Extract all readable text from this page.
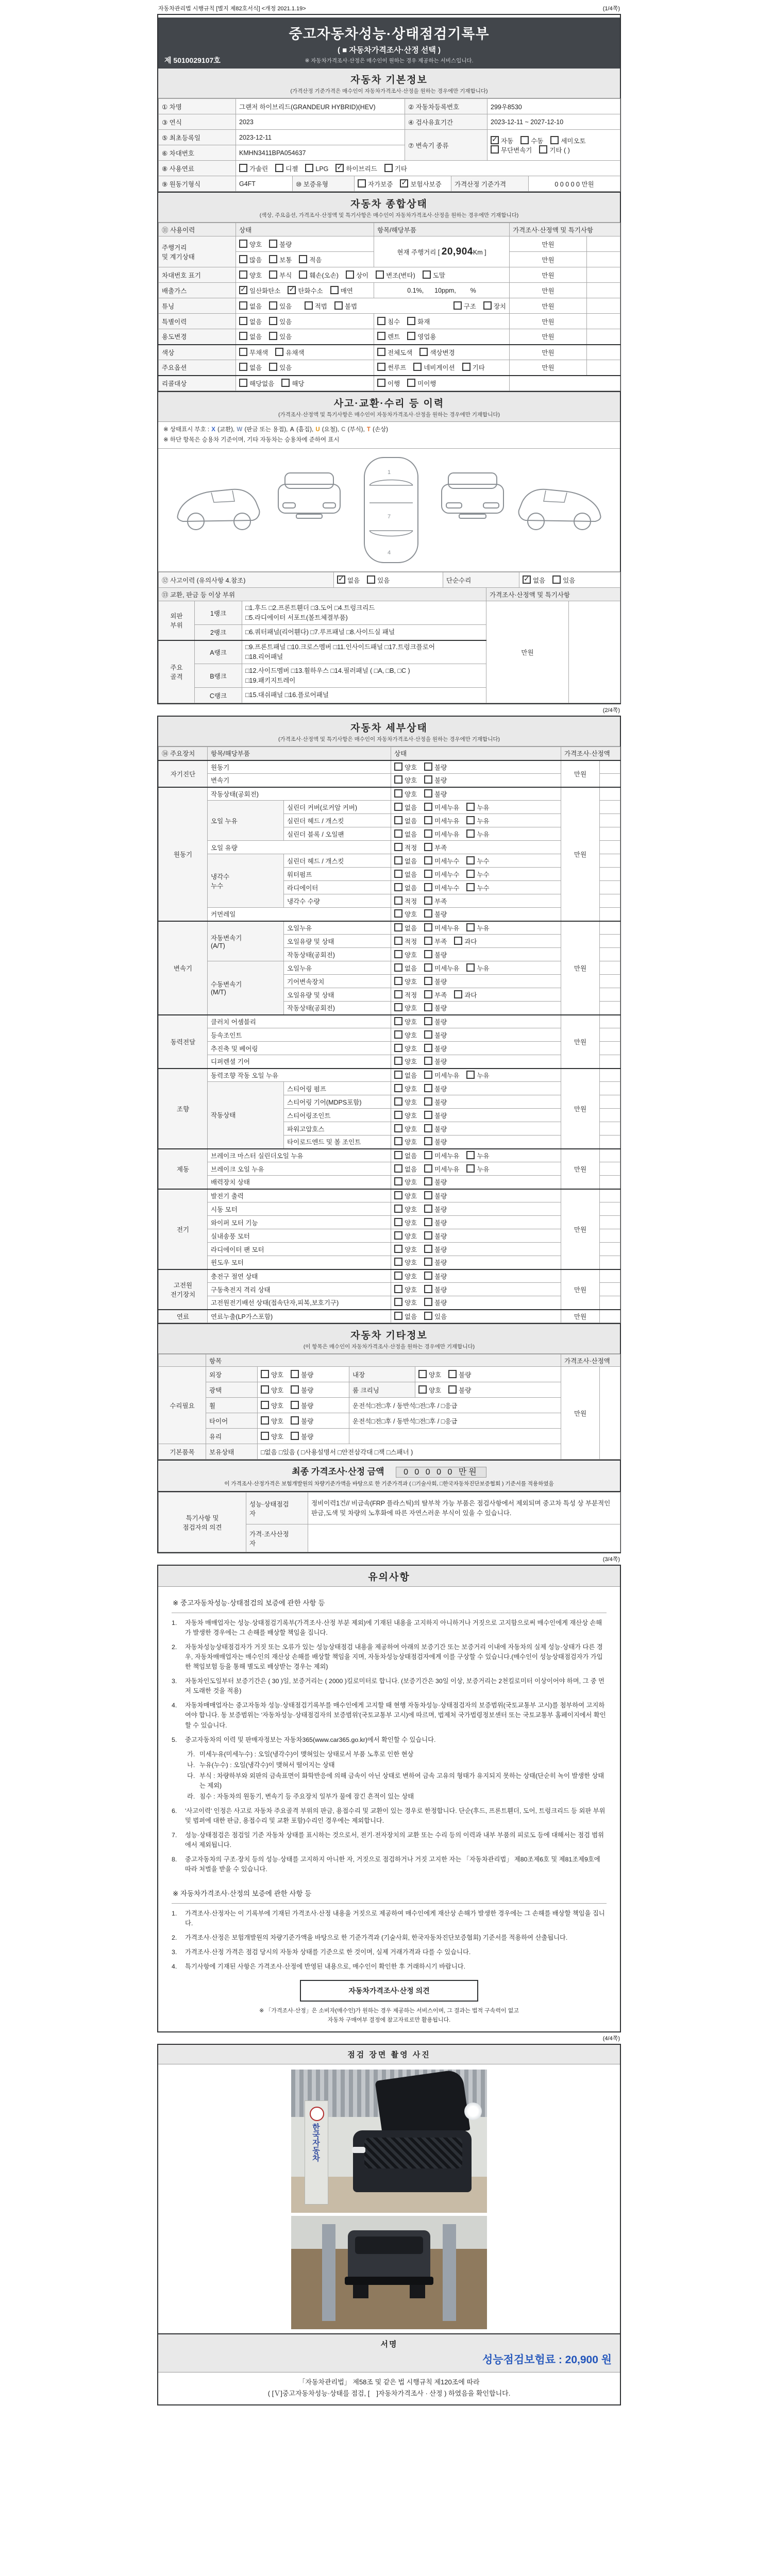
자동차관리법 시행규칙 [별지 제82호서식] <개정 2021.1.19>	(1/4쪽)
중고자동차성능·상태점검기록부
( ■ 자동차가격조사·산정 선택 )
※ 자동차가격조사·산정은 매수인이 원하는 경우 제공하는 서비스입니다.
제 5010029107호
자동차 기본정보
(가격산정 기준가격은 매수인이 자동차가격조사·산정을 원하는 경우에만 기재합니다)
① 차명	그랜저 하이브리드(GRANDEUR HYBRID)(HEV)	② 자동차등록번호	299우8530
③ 연식	2023	④ 검사유효기간	2023-12-11 ~ 2027-12-10
⑤ 최초등록일	2023-12-11	⑦ 변속기 종류	✓자동 수동 세미오토
무단변속기 기타 ( )
⑥ 차대번호	KMHN3411BPA054637		
⑧ 사용연료	가솔린 디젤 LPG ✓ 하이브리드 기타
⑨ 원동기형식	G4FT	⑩ 보증유형	자가보증 ✓	보험사보증	가격산정 기준가격	0 0 0 0 0 만원
자동차 종합상태
(색상, 주요옵션, 가격조사·산정액 및 특기사항은 매수인이 자동차가격조사·산정을 원하는 경우에만 기재합니다)
⑪ 사용이력	상태	항목/해당부품	가격조사·산정액 및 특기사항	
주행거리
및 계기상태	양호 불량	현재 주행거리 [ 20,904Km ]	만원	
	많음 보통 적음		만원	
차대번호 표기	양호 부식 훼손(오손) 상이 변조(변타) 도말		만원	
배출가스	✓일산화탄소 ✓ 탄화수소 매연	0.1%,      10ppm,        %	만원	
튜닝	없음 있음 적법 불법 구조 장치		만원	
특별이력	없음 있음	침수 화재	만원	
용도변경	없음 있음	렌트 영업용	만원	
색상	무채색 유채색	전체도색 색상변경	만원	
주요옵션	없음 있음	썬루프 네비게이션 기타	만원	
리콜대상	해당없음 해당	이행 미이행		
사고·교환·수리 등 이력
(가격조사·산정액 및 특기사항은 매수인이 자동차가격조사·산정을 원하는 경우에만 기재합니다)
※ 상태표시 부호 : X (교환), W (판금 또는 용접), A (흠집), U (요철), C (부식), T (손상)
※ 하단 항목은 승용차 기준이며, 기타 자동차는 승용차에 준하여 표시
1
7
4
⑫ 사고이력 (유의사항 4.참조)	✓없음	있음	단순수리	✓없음	있음
⑬ 교환, 판금 등 이상 부위			가격조사·산정액 및 특기사항	
외판
부위	1랭크	□1.후드 □2.프론트휀더 □3.도어 □4.트렁크리드
□5.라디에이터 서포트(볼트체결부품)	만원	
	2랭크	□6.쿼터패널(리어휀다) □7.루프패널 □8.사이드실 패널		
주요
골격	A랭크	□9.프론트패널 □10.크로스멤버 □11.인사이드패널 □17.트렁크플로어
□18.리어패널		
	B랭크	□12.사이드멤버 □13.휠하우스 □14.필러패널 ( □A, □B, □C )
□19.패키지트레이		
	C랭크	□15.대쉬패널 □16.플로어패널		
(2/4쪽)
자동차 세부상태
(가격조사·산정액 및 특기사항은 매수인이 자동차가격조사·산정을 원하는 경우에만 기재합니다)
⑭ 주요장치	항목/해당부품		상태	가격조사·산정액	
자기진단	원동기		양호 불량	만원	
	변속기		양호 불량		
원동기	작동상태(공회전)		양호 불량	만원	
	오일 누유	실린더 커버(로커암 커버)	없음 미세누유 누유		
		실린더 헤드 / 개스킷	없음 미세누유 누유		
		실린더 블록 / 오일팬	없음 미세누유 누유		
	오일 유량		적정 부족		
	냉각수
누수	실린더 헤드 / 개스킷	없음 미세누수 누수		
		워터펌프	없음 미세누수 누수		
		라디에이터	없음 미세누수 누수		
		냉각수 수량	적정 부족		
	커먼레일		양호 불량		
변속기	자동변속기
(A/T)	오일누유	없음 미세누유 누유	만원	
		오일유량 및 상태	적정 부족 과다		
		작동상태(공회전)	양호 불량		
	수동변속기
(M/T)	오일누유	없음 미세누유 누유		
		기어변속장치	양호 불량		
		오일유량 및 상태	적정 부족 과다		
		작동상태(공회전)	양호 불량		
동력전달	클러치 어셈블리		양호 불량	만원	
	등속조인트		양호 불량		
	추진축 및 베어링		양호 불량		
	디퍼렌셜 기어		양호 불량		
조향	동력조향 작동 오일 누유		없음 미세누유 누유	만원	
	작동상태	스티어링 펌프	양호 불량		
		스티어링 기어(MDPS포함)	양호 불량		
		스티어링조인트	양호 불량		
		파워고압호스	양호 불량		
		타이로드엔드 및 볼 조인트	양호 불량		
제동	브레이크 마스터 실린더오일 누유		없음 미세누유 누유	만원	
	브레이크 오일 누유		없음 미세누유 누유		
	배력장치 상태		양호 불량		
전기	발전기 출력		양호 불량	만원	
	시동 모터		양호 불량		
	와이퍼 모터 기능		양호 불량		
	실내송풍 모터		양호 불량		
	라디에이터 팬 모터		양호 불량		
	윈도우 모터		양호 불량		
고전원
전기장치	충전구 절연 상태		양호 불량	만원	
	구동축전지 격리 상태		양호 불량		
	고전원전기배선 상태(접속단자,피복,보호기구)		양호 불량		
연료	연료누출(LP가스포함)		없음 있음	만원	
자동차 기타정보
(이 항목은 매수인이 자동차가격조사·산정을 원하는 경우에만 기재합니다)
	항목				가격조사·산정액	
수리필요	외장	양호 불량	내장	양호 불량	만원	
	광택	양호 불량	룸 크리닝	양호 불량		
	휠	양호 불량	운전석□전□후 / 동반석□전□후 / □응급			
	타이어	양호 불량	운전석□전□후 / 동반석□전□후 / □응급			
	유리	양호 불량				
기본품목	보유상태	□없음 □있음 ( □사용설명서 □안전삼각대 □잭 □스패너 )				
최종 가격조사·산정 금액 0 0 0 0 0 만원
이 가격조사·산정가격은 보험개발원의 차량기준가액을 바탕으로 한 기준가격과 ( □기술사회, □한국자동차진단보증협회 ) 기준서를 적용하였음
특기사항 및
점검자의 의견	성능·상태점검
자	정비이력1건// 비금속(FRP 플라스틱)의 탈부착 가능 부품은 점검사항에서 제외되며 중고차 특성 상 부분적인 판금,도색 및 차량의 노후화에 따른 자연스러운 부식이 있을 수 있습니다.
	가격·조사산정
자	
(3/4쪽)
유의사항
※ 중고자동차성능·상태점검의 보증에 관한 사항 등
1.	자동차 매매업자는 성능·상태점검기록부(가격조사·산정 부분 제외)에 기재된 내용을 고지하지 아니하거나 거짓으로 고지함으로써 매수인에게 재산상 손해가 발생한 경우에는 그 손해를 배상할 책임을 집니다.
2.	자동차성능상태점검자가 거짓 또는 오류가 있는 성능상태점검 내용을 제공하여 아래의 보증기간 또는 보증거리 이내에 자동차의 실제 성능·상태가 다른 경우, 자동차매매업자는 매수인의 재산상 손해를 배상할 책임을 지며, 자동차성능상태점검자에게 이를 구상할 수 있습니다.(매수인이 성능상태점검자가 가입한 책임보험 등을 통해 별도로 배상받는 경우는 제외)
3.	자동차인도일부터 보증기간은 ( 30 )일, 보증거리는 ( 2000 )킬로미터로 합니다. (보증기간은 30일 이상, 보증거리는 2천킬로미터 이상이어야 하며, 그 중 먼저 도래한 것을 적용)
4.	자동차매매업자는 중고자동차 성능·상태점검기록부를 매수인에게 고지할 때 현행 자동차성능·상태점검자의 보증범위(국토교통부 고시)를 첨부하여 고지하여야 합니다. 동 보증범위는 '자동차성능·상태점검자의 보증범위'(국토교통부 고시)에 따르며, 법제처 국가법령정보센터 또는 국토교통부 홈페이지에서 확인할 수 있습니다.
5.	중고자동차의 이력 및 판매자정보는 자동차365(www.car365.go.kr)에서 확인할 수 있습니다.
가. 미세누유(미세누수) : 오일(냉각수)이 맺혀있는 상태로서 부품 노후로 인한 현상
나. 누유(누수) : 오일(냉각수)이 맺혀서 떨어지는 상태
다. 부식 : 차량하부와 외판의 금속표면이 화학반응에 의해 금속이 아닌 상태로 변하여 금속 고유의 형태가 유지되지 못하는 상태(단순히 녹이 발생한 상태는 제외)
라. 침수 : 자동차의 원동기, 변속기 등 주요장치 일부가 물에 잠긴 흔적이 있는 상태
6.	'사고이력' 인정은 사고로 자동차 주요골격 부위의 판금, 용접수리 및 교환이 있는 경우로 한정합니다. 단순(후드, 프론트휀더, 도어, 트렁크리드 등 외판 부위 및 범퍼에 대한 판금, 용접수리 및 교환 포함)수리인 경우에는 제외합니다.
7.	성능·상태점검은 점검일 기준 자동차 상태를 표시하는 것으로서, 전기·전자장치의 교환 또는 수리 등의 이력과 내부 부품의 피로도 등에 대해서는 점검 범위에서 제외됩니다.
8.	중고자동차의 구조·장치 등의 성능·상태를 고지하지 아니한 자, 거짓으로 점검하거나 거짓 고지한 자는 「자동차관리법」 제80조제6호 및 제81조제9호에 따라 처벌을 받을 수 있습니다.
※ 자동차가격조사·산정의 보증에 관한 사항 등
1.	가격조사·산정자는 이 기록부에 기재된 가격조사·산정 내용을 거짓으로 제공하여 매수인에게 재산상 손해가 발생한 경우에는 그 손해를 배상할 책임을 집니다.
2.	가격조사·산정은 보험개발원의 차량기준가액을 바탕으로 한 기준가격과 (기술사회, 한국자동차진단보증협회) 기준서를 적용하여 산출됩니다.
3.	가격조사·산정 가격은 점검 당시의 자동차 상태를 기준으로 한 것이며, 실제 거래가격과 다를 수 있습니다.
4.	특기사항에 기재된 사항은 가격조사·산정에 반영된 내용으로, 매수인이 확인한 후 거래하시기 바랍니다.
자동차가격조사·산정 의견
※ 「가격조사·산정」은 소비자(매수인)가 원하는 경우 제공하는 서비스이며, 그 결과는 법적 구속력이 없고
자동차 구매여부 결정에 참고자료로만 활용됩니다.
(4/4쪽)
점검 장면 촬영 사진
한국자동차
서명
성능점검보험료 : 20,900 원
「자동차관리법」 제58조 및 같은 법 시행규칙 제120조에 따라
( [Ｖ]중고자동차성능·상태를 점검, [　]자동차가격조사 · 산정 ) 하였음을 확인합니다.
